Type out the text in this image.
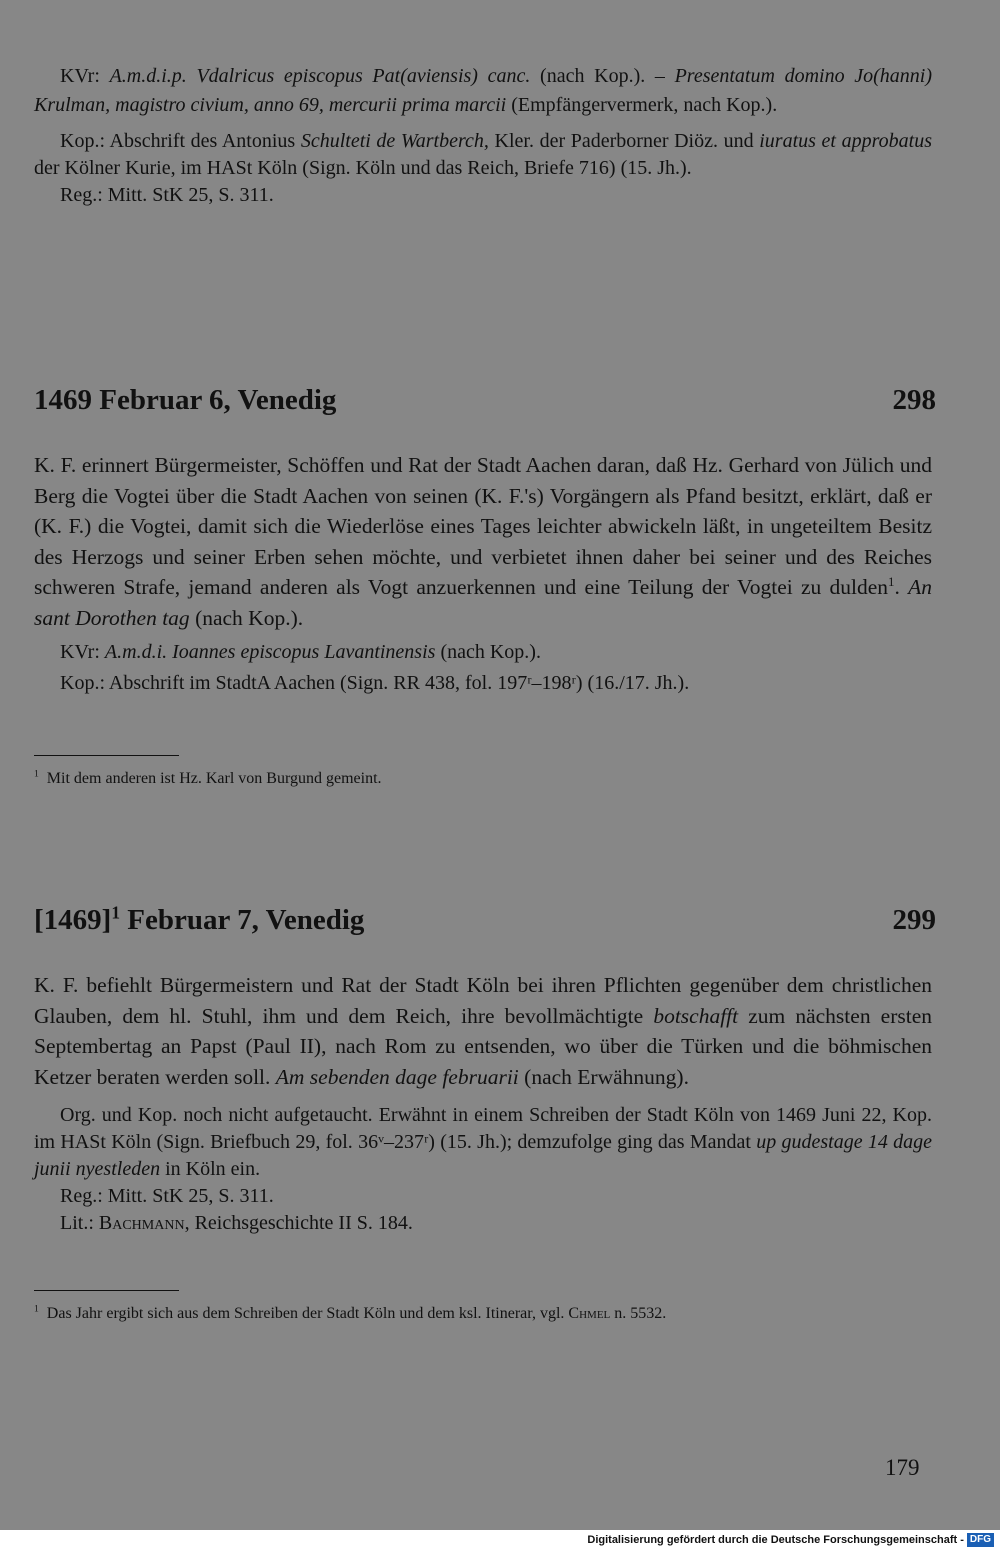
KVr: A.m.d.i.p. Vdalricus episcopus Pat(aviensis) canc. (nach Kop.). – Presentatum domino Jo(hanni) Krulman, magistro civium, anno 69, mercurii prima marcii (Empfängervermerk, nach Kop.).

Kop.: Abschrift des Antonius Schulteti de Wartberch, Kler. der Paderborner Diöz. und iuratus et approbatus der Kölner Kurie, im HASt Köln (Sign. Köln und das Reich, Briefe 716) (15. Jh.).

Reg.: Mitt. StK 25, S. 311.

1469 Februar 6, Venedig	298

K. F. erinnert Bürgermeister, Schöffen und Rat der Stadt Aachen daran, daß Hz. Gerhard von Jülich und Berg die Vogtei über die Stadt Aachen von seinen (K. F.'s) Vorgängern als Pfand besitzt, erklärt, daß er (K. F.) die Vogtei, damit sich die Wiederlöse eines Tages leichter abwickeln läßt, in ungeteiltem Besitz des Herzogs und seiner Erben sehen möchte, und verbietet ihnen daher bei seiner und des Reiches schweren Strafe, jemand anderen als Vogt anzuerkennen und eine Teilung der Vogtei zu dulden$^1$. An sant Dorothen tag (nach Kop.).

KVr: A.m.d.i. Ioannes episcopus Lavantinensis (nach Kop.).

Kop.: Abschrift im StadtA Aachen (Sign. RR 438, fol. 197ʳ–198ʳ) (16./17. Jh.).

$^1$ Mit dem anderen ist Hz. Karl von Burgund gemeint.

$[1469]^1$ Februar 7, Venedig	299

K. F. befiehlt Bürgermeistern und Rat der Stadt Köln bei ihren Pflichten gegenüber dem christlichen Glauben, dem hl. Stuhl, ihm und dem Reich, ihre bevollmächtigte botschafft zum nächsten ersten Septembertag an Papst (Paul II), nach Rom zu entsenden, wo über die Türken und die böhmischen Ketzer beraten werden soll. Am sebenden dage februarii (nach Erwähnung).

Org. und Kop. noch nicht aufgetaucht. Erwähnt in einem Schreiben der Stadt Köln von 1469 Juni 22, Kop. im HASt Köln (Sign. Briefbuch 29, fol. 36ᵛ–237ʳ) (15. Jh.); demzufolge ging das Mandat up gudestage 14 dage junii nyestleden in Köln ein.

Reg.: Mitt. StK 25, S. 311.

Lit.: Bachmann, Reichsgeschichte II S. 184.

$^1$ Das Jahr ergibt sich aus dem Schreiben der Stadt Köln und dem ksl. Itinerar, vgl. Chmel n. 5532.

179
Digitalisierung gefördert durch die Deutsche Forschungsgemeinschaft - DFG
